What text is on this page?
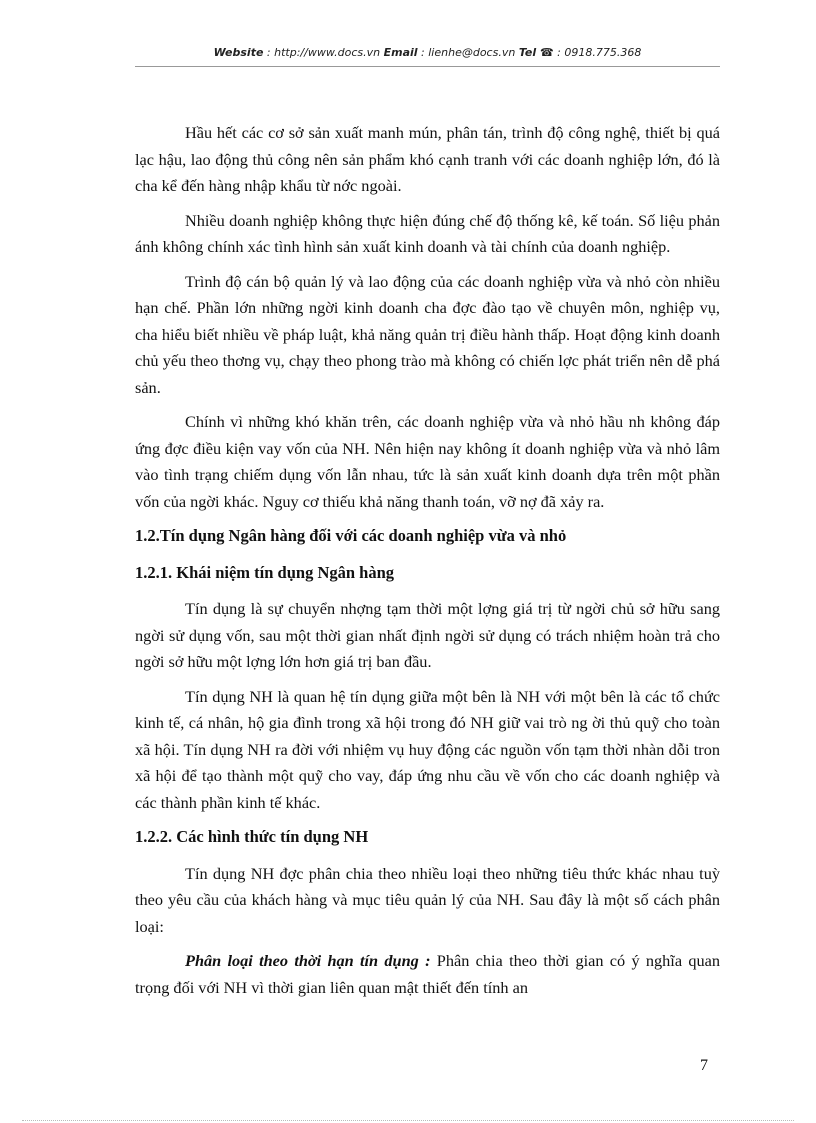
Website : http://www.docs.vn Email : lienhe@docs.vn Tel ☎ : 0918.775.368

Hầu hết các cơ sở sản xuất manh mún, phân tán, trình độ công nghệ, thiết bị quá lạc hậu, lao động thủ công nên sản phẩm khó cạnh tranh với các doanh nghiệp lớn, đó là cha kể đến hàng nhập khẩu từ nớc ngoài.

Nhiều doanh nghiệp không thực hiện đúng chế độ thống kê, kế toán. Số liệu phản ánh không chính xác tình hình sản xuất kinh doanh và tài chính của doanh nghiệp.

Trình độ cán bộ quản lý và lao động của các doanh nghiệp vừa và nhỏ còn nhiều hạn chế. Phần lớn những ngời kinh doanh cha đợc đào tạo về chuyên môn, nghiệp vụ, cha hiểu biết nhiều về pháp luật, khả năng quản trị điều hành thấp. Hoạt động kinh doanh chủ yếu theo thơng vụ, chạy theo phong trào mà không có chiến lợc phát triển nên dễ phá sản.

Chính vì những khó khăn trên, các doanh nghiệp vừa và nhỏ hầu nh không đáp ứng đợc điều kiện vay vốn của NH. Nên hiện nay không ít doanh nghiệp vừa và nhỏ lâm vào tình trạng chiếm dụng vốn lẫn nhau, tức là sản xuất kinh doanh dựa trên một phần vốn của ngời khác. Nguy cơ thiếu khả năng thanh toán, vỡ nợ đã xảy ra.

1.2.Tín dụng Ngân hàng đối với các doanh nghiệp vừa và nhỏ
1.2.1. Khái niệm tín dụng Ngân hàng

Tín dụng là sự chuyển nhợng tạm thời một lợng giá trị từ ngời chủ sở hữu sang ngời sử dụng vốn, sau một thời gian nhất định ngời sử dụng có trách nhiệm hoàn trả cho ngời sở hữu một lợng lớn hơn giá trị ban đầu.

Tín dụng NH là quan hệ tín dụng giữa một bên là NH với một bên là các tổ chức kinh tế, cá nhân, hộ gia đình trong xã hội trong đó NH giữ vai trò ng ời thủ quỹ cho toàn xã hội. Tín dụng NH ra đời với nhiệm vụ huy động các nguồn vốn tạm thời nhàn dỗi tron xã hội để tạo thành một quỹ cho vay, đáp ứng nhu cầu về vốn cho các doanh nghiệp và các thành phần kinh tế khác.

1.2.2. Các hình thức tín dụng NH

Tín dụng NH đợc phân chia theo nhiều loại theo những tiêu thức khác nhau tuỳ theo yêu cầu của khách hàng và mục tiêu quản lý của NH. Sau đây là một số cách phân loại:

Phân loại theo thời hạn tín dụng : Phân chia theo thời gian có ý nghĩa quan trọng đối với NH vì thời gian liên quan mật thiết đến tính an

7
